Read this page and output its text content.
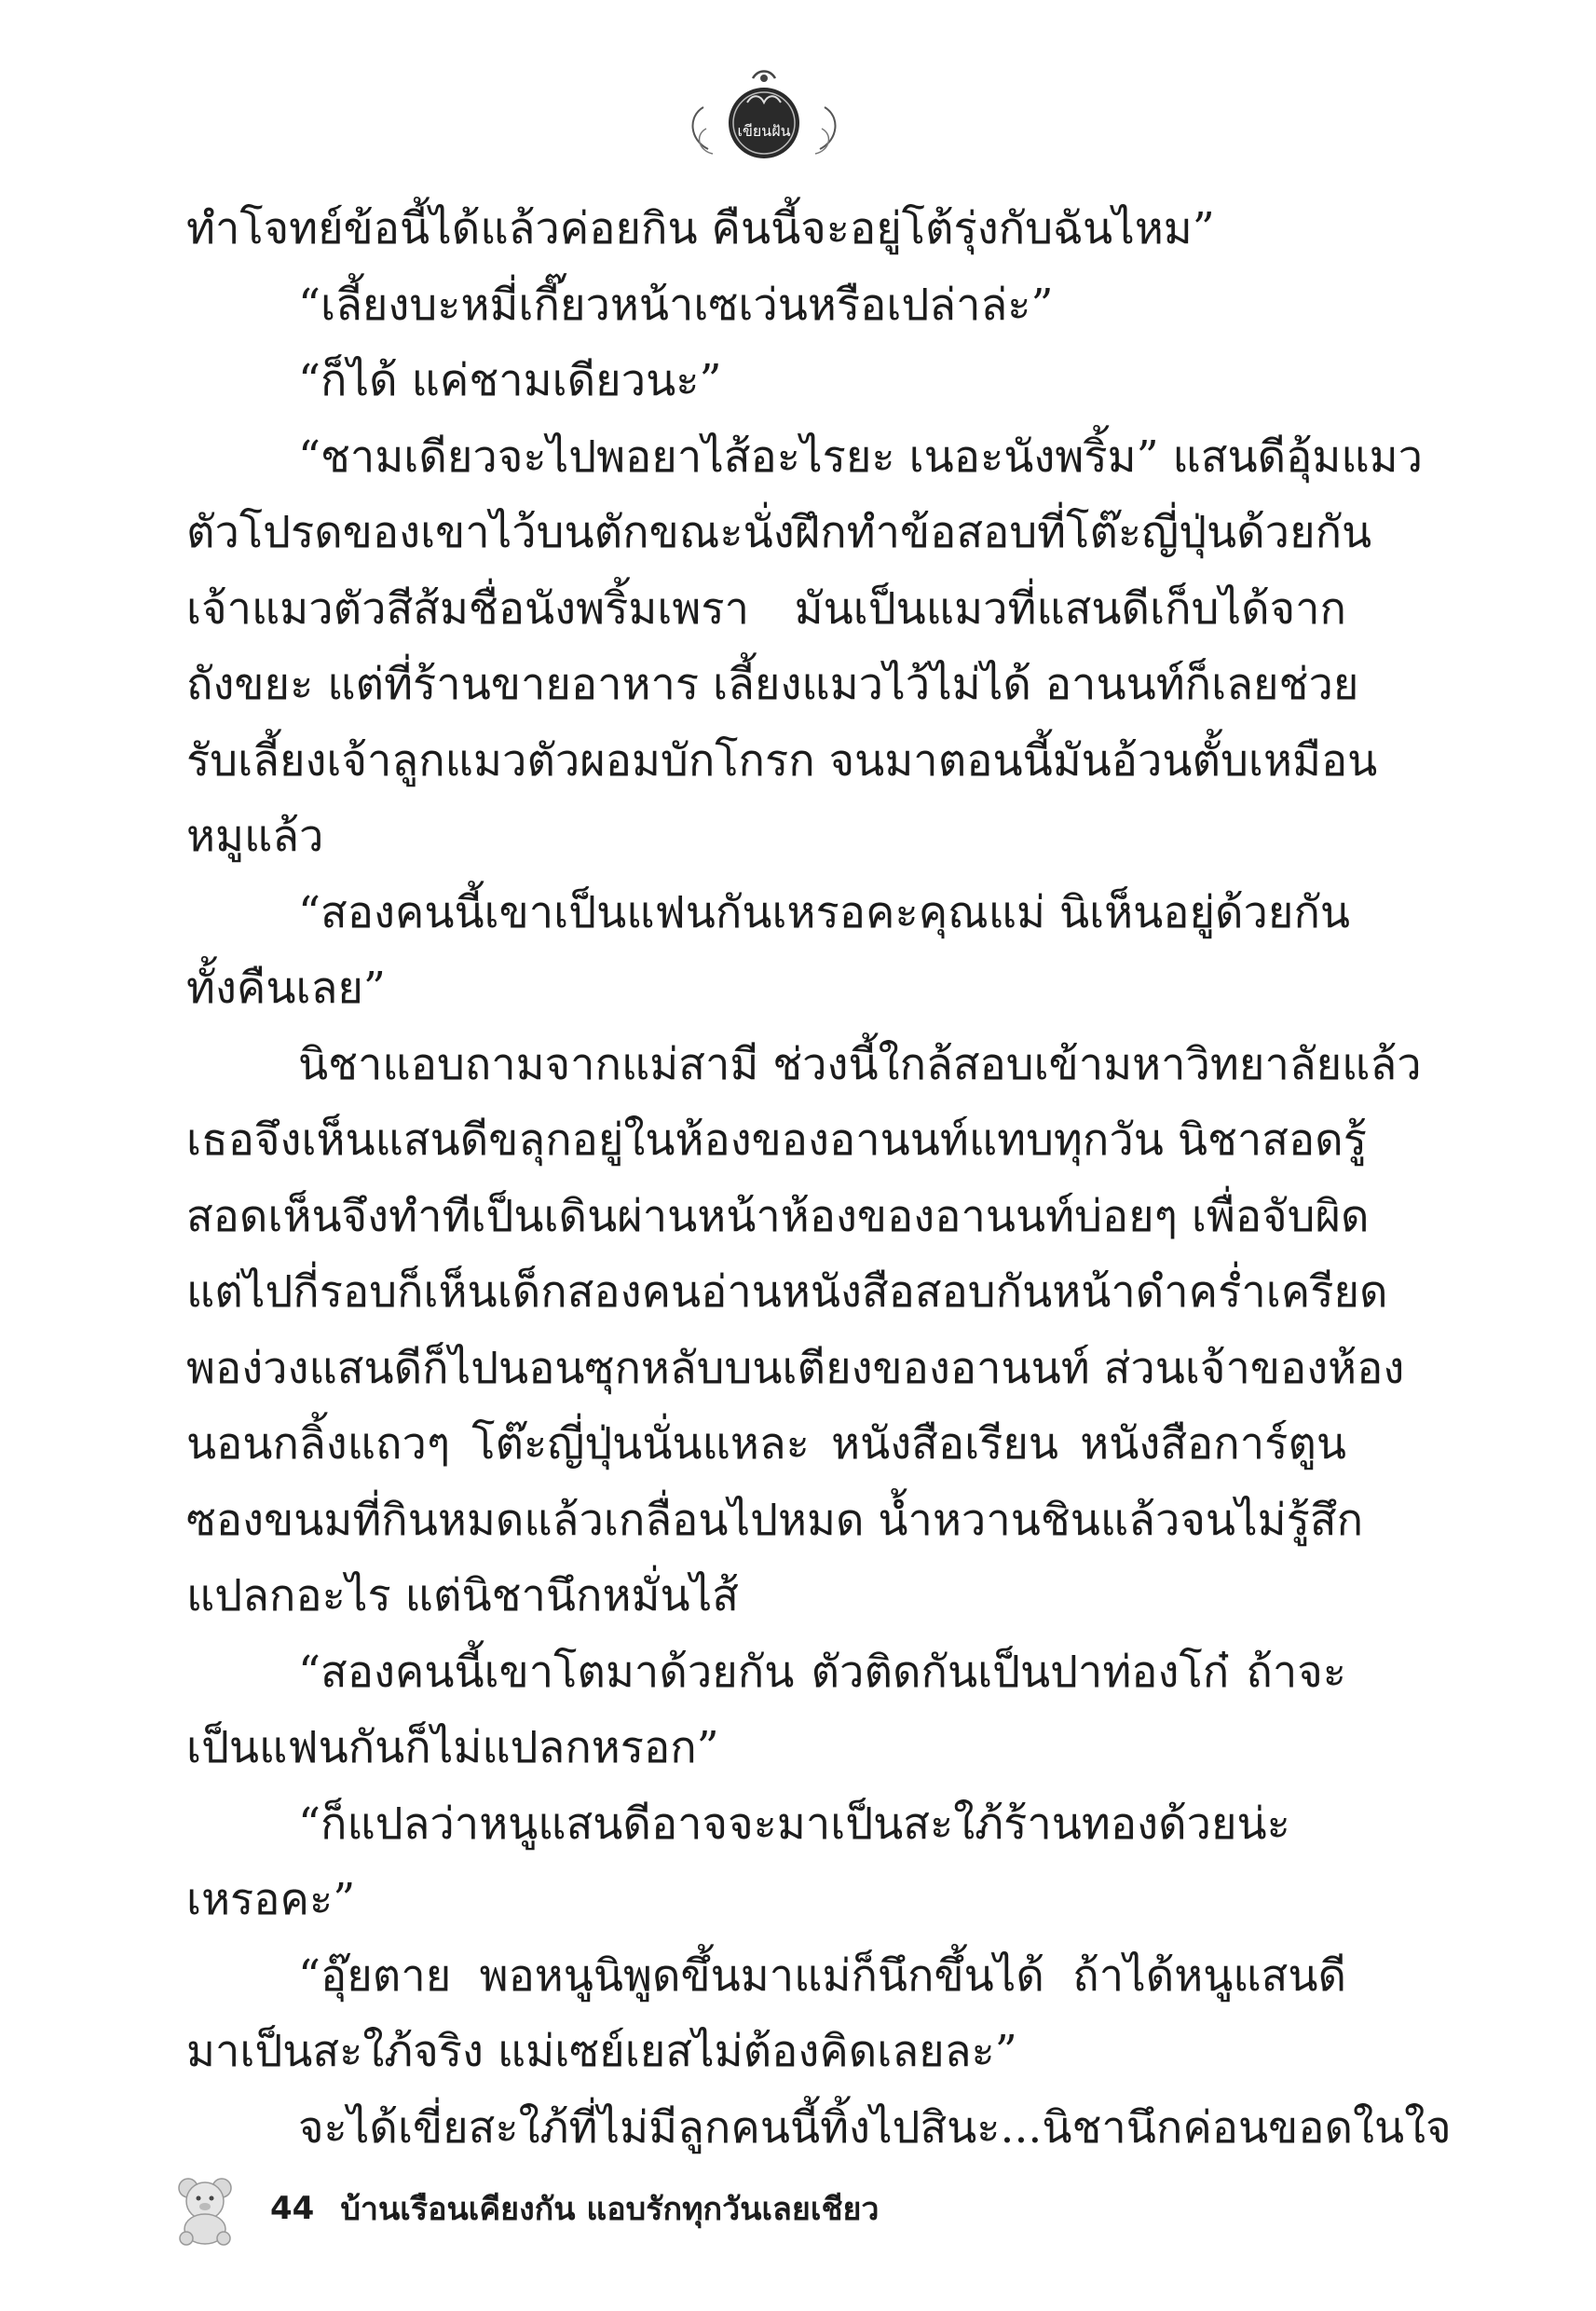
เขียนฝัน
ทำโจทย์ข้อนี้ได้แล้วค่อยกิน คืนนี้จะอยู่โต้รุ่งกับฉันไหม”
“เลี้ยงบะหมี่เกี๊ยวหน้าเซเว่นหรือเปล่าล่ะ”
“ก็ได้ แค่ชามเดียวนะ”
“ชามเดียวจะไปพอยาไส้อะไรยะ เนอะนังพริ้ม” แสนดีอุ้มแมว
ตัวโปรดของเขาไว้บนตักขณะนั่งฝึกทำข้อสอบที่โต๊ะญี่ปุ่นด้วยกัน
เจ้าแมวตัวสีส้มชื่อนังพริ้มเพรา มันเป็นแมวที่แสนดีเก็บได้จาก
ถังขยะ แต่ที่ร้านขายอาหาร เลี้ยงแมวไว้ไม่ได้ อานนท์ก็เลยช่วย
รับเลี้ยงเจ้าลูกแมวตัวผอมบักโกรก จนมาตอนนี้มันอ้วนตั้บเหมือน
หมูแล้ว
“สองคนนี้เขาเป็นแฟนกันเหรอคะคุณแม่ นิเห็นอยู่ด้วยกัน
ทั้งคืนเลย”
นิชาแอบถามจากแม่สามี ช่วงนี้ใกล้สอบเข้ามหาวิทยาลัยแล้ว
เธอจึงเห็นแสนดีขลุกอยู่ในห้องของอานนท์แทบทุกวัน นิชาสอดรู้
สอดเห็นจึงทำทีเป็นเดินผ่านหน้าห้องของอานนท์บ่อยๆ เพื่อจับผิด
แต่ไปกี่รอบก็เห็นเด็กสองคนอ่านหนังสือสอบกันหน้าดำคร่ำเครียด
พอง่วงแสนดีก็ไปนอนซุกหลับบนเตียงของอานนท์ ส่วนเจ้าของห้อง
นอนกลิ้งแถวๆ โต๊ะญี่ปุ่นนั่นแหละ หนังสือเรียน หนังสือการ์ตูน
ซองขนมที่กินหมดแล้วเกลื่อนไปหมด น้ำหวานชินแล้วจนไม่รู้สึก
แปลกอะไร แต่นิชานึกหมั่นไส้
“สองคนนี้เขาโตมาด้วยกัน ตัวติดกันเป็นปาท่องโก๋ ถ้าจะ
เป็นแฟนกันก็ไม่แปลกหรอก”
“ก็แปลว่าหนูแสนดีอาจจะมาเป็นสะใภ้ร้านทองด้วยน่ะ
เหรอคะ”
“อุ๊ยตาย พอหนูนิพูดขึ้นมาแม่ก็นึกขึ้นได้ ถ้าได้หนูแสนดี
มาเป็นสะใภ้จริง แม่เซย์เยสไม่ต้องคิดเลยละ”
จะได้เขี่ยสะใภ้ที่ไม่มีลูกคนนี้ทิ้งไปสินะ...นิชานึกค่อนขอดในใจ
44 บ้านเรือนเคียงกัน แอบรักทุกวันเลยเชียว
